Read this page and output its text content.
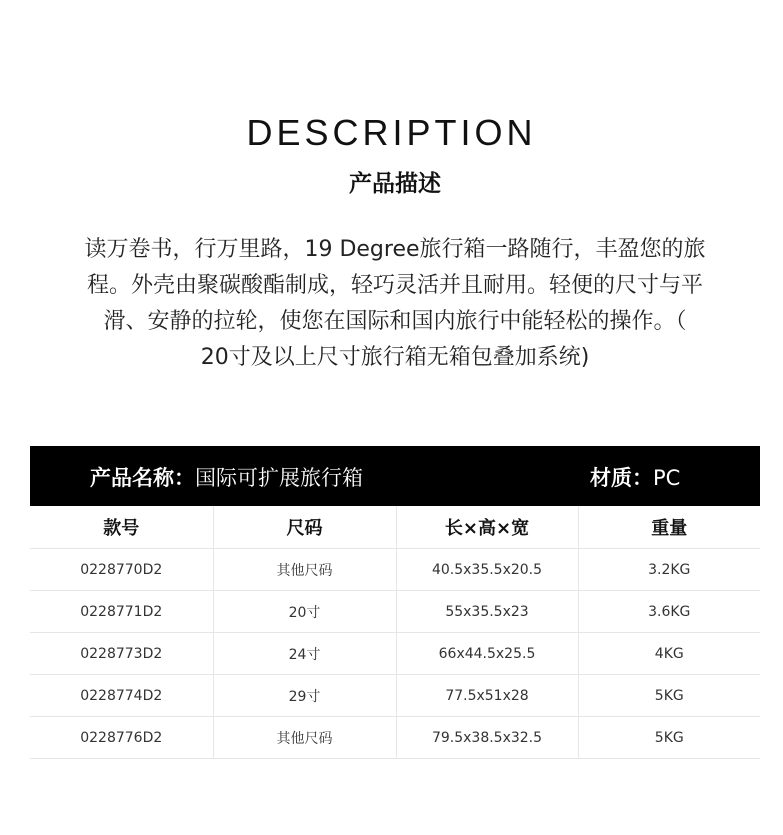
DESCRIPTION
产品描述
读万卷书，行万里路，19 Degree旅行箱一路随行，丰盈您的旅
程。外壳由聚碳酸酯制成，轻巧灵活并且耐用。轻便的尺寸与平
滑、安静的拉轮，使您在国际和国内旅行中能轻松的操作。（
20寸及以上尺寸旅行箱无箱包叠加系统)
产品名称：国际可扩展旅行箱	材质：PC
款号	尺码	长×高×宽	重量
0228770D2	其他尺码	40.5x35.5x20.5	3.2KG
0228771D2	20寸	55x35.5x23	3.6KG
0228773D2	24寸	66x44.5x25.5	4KG
0228774D2	29寸	77.5x51x28	5KG
0228776D2	其他尺码	79.5x38.5x32.5	5KG
